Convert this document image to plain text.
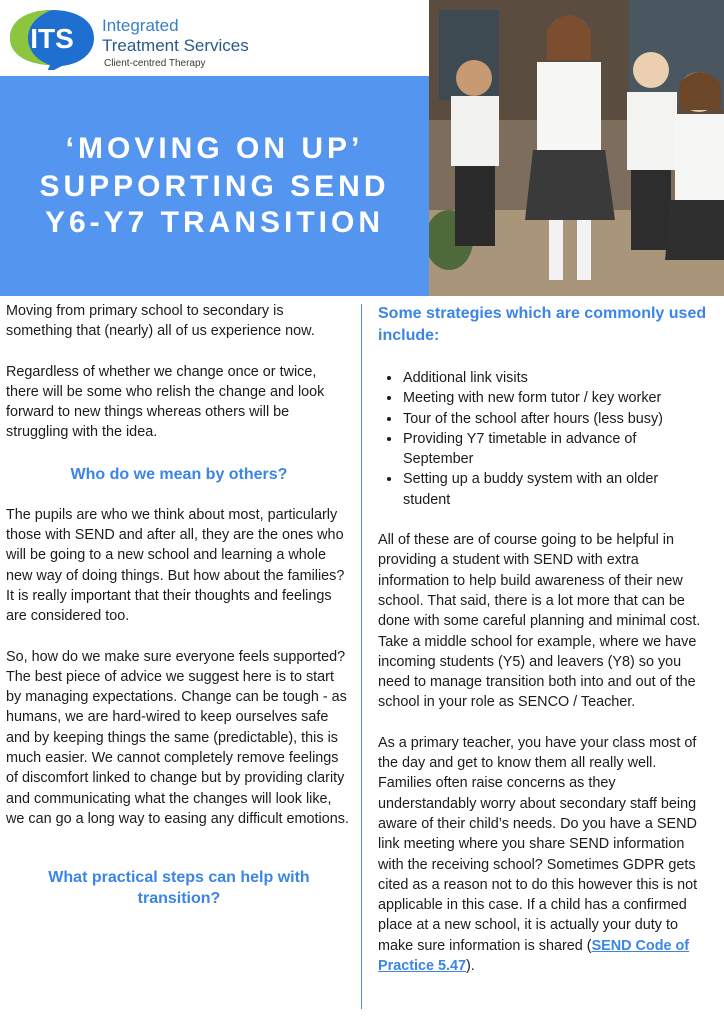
ITS Integrated
Treatment Services
Client-centred Therapy
‘MOVING ON UP’
SUPPORTING SEND
Y6-Y7 TRANSITION

Moving from primary school to secondary is something that (nearly) all of us experience now.

Regardless of whether we change once or twice, there will be some who relish the change and look forward to new things whereas others will be struggling with the idea.

Who do we mean by others?

The pupils are who we think about most, particularly those with SEND and after all, they are the ones who will be going to a new school and learning a whole new way of doing things. But how about the families? It is really important that their thoughts and feelings are considered too.

So, how do we make sure everyone feels supported? The best piece of advice we suggest here is to start by managing expectations. Change can be tough - as humans, we are hard-wired to keep ourselves safe and by keeping things the same (predictable), this is much easier. We cannot completely remove feelings of discomfort linked to change but by providing clarity and communicating what the changes will look like, we can go a long way to easing any difficult emotions.

What practical steps can help with transition?
Some strategies which are commonly used include:
• Additional link visits
• Meeting with new form tutor / key worker
• Tour of the school after hours (less busy)
• Providing Y7 timetable in advance of September
• Setting up a buddy system with an older student

All of these are of course going to be helpful in providing a student with SEND with extra information to help build awareness of their new school. That said, there is a lot more that can be done with some careful planning and minimal cost. Take a middle school for example, where we have incoming students (Y5) and leavers (Y8) so you need to manage transition both into and out of the school in your role as SENCO / Teacher.

As a primary teacher, you have your class most of the day and get to know them all really well. Families often raise concerns as they understandably worry about secondary staff being aware of their child’s needs. Do you have a SEND link meeting where you share SEND information with the receiving school? Sometimes GDPR gets cited as a reason not to do this however this is not applicable in this case. If a child has a confirmed place at a new school, it is actually your duty to make sure information is shared (SEND Code of Practice 5.47).
